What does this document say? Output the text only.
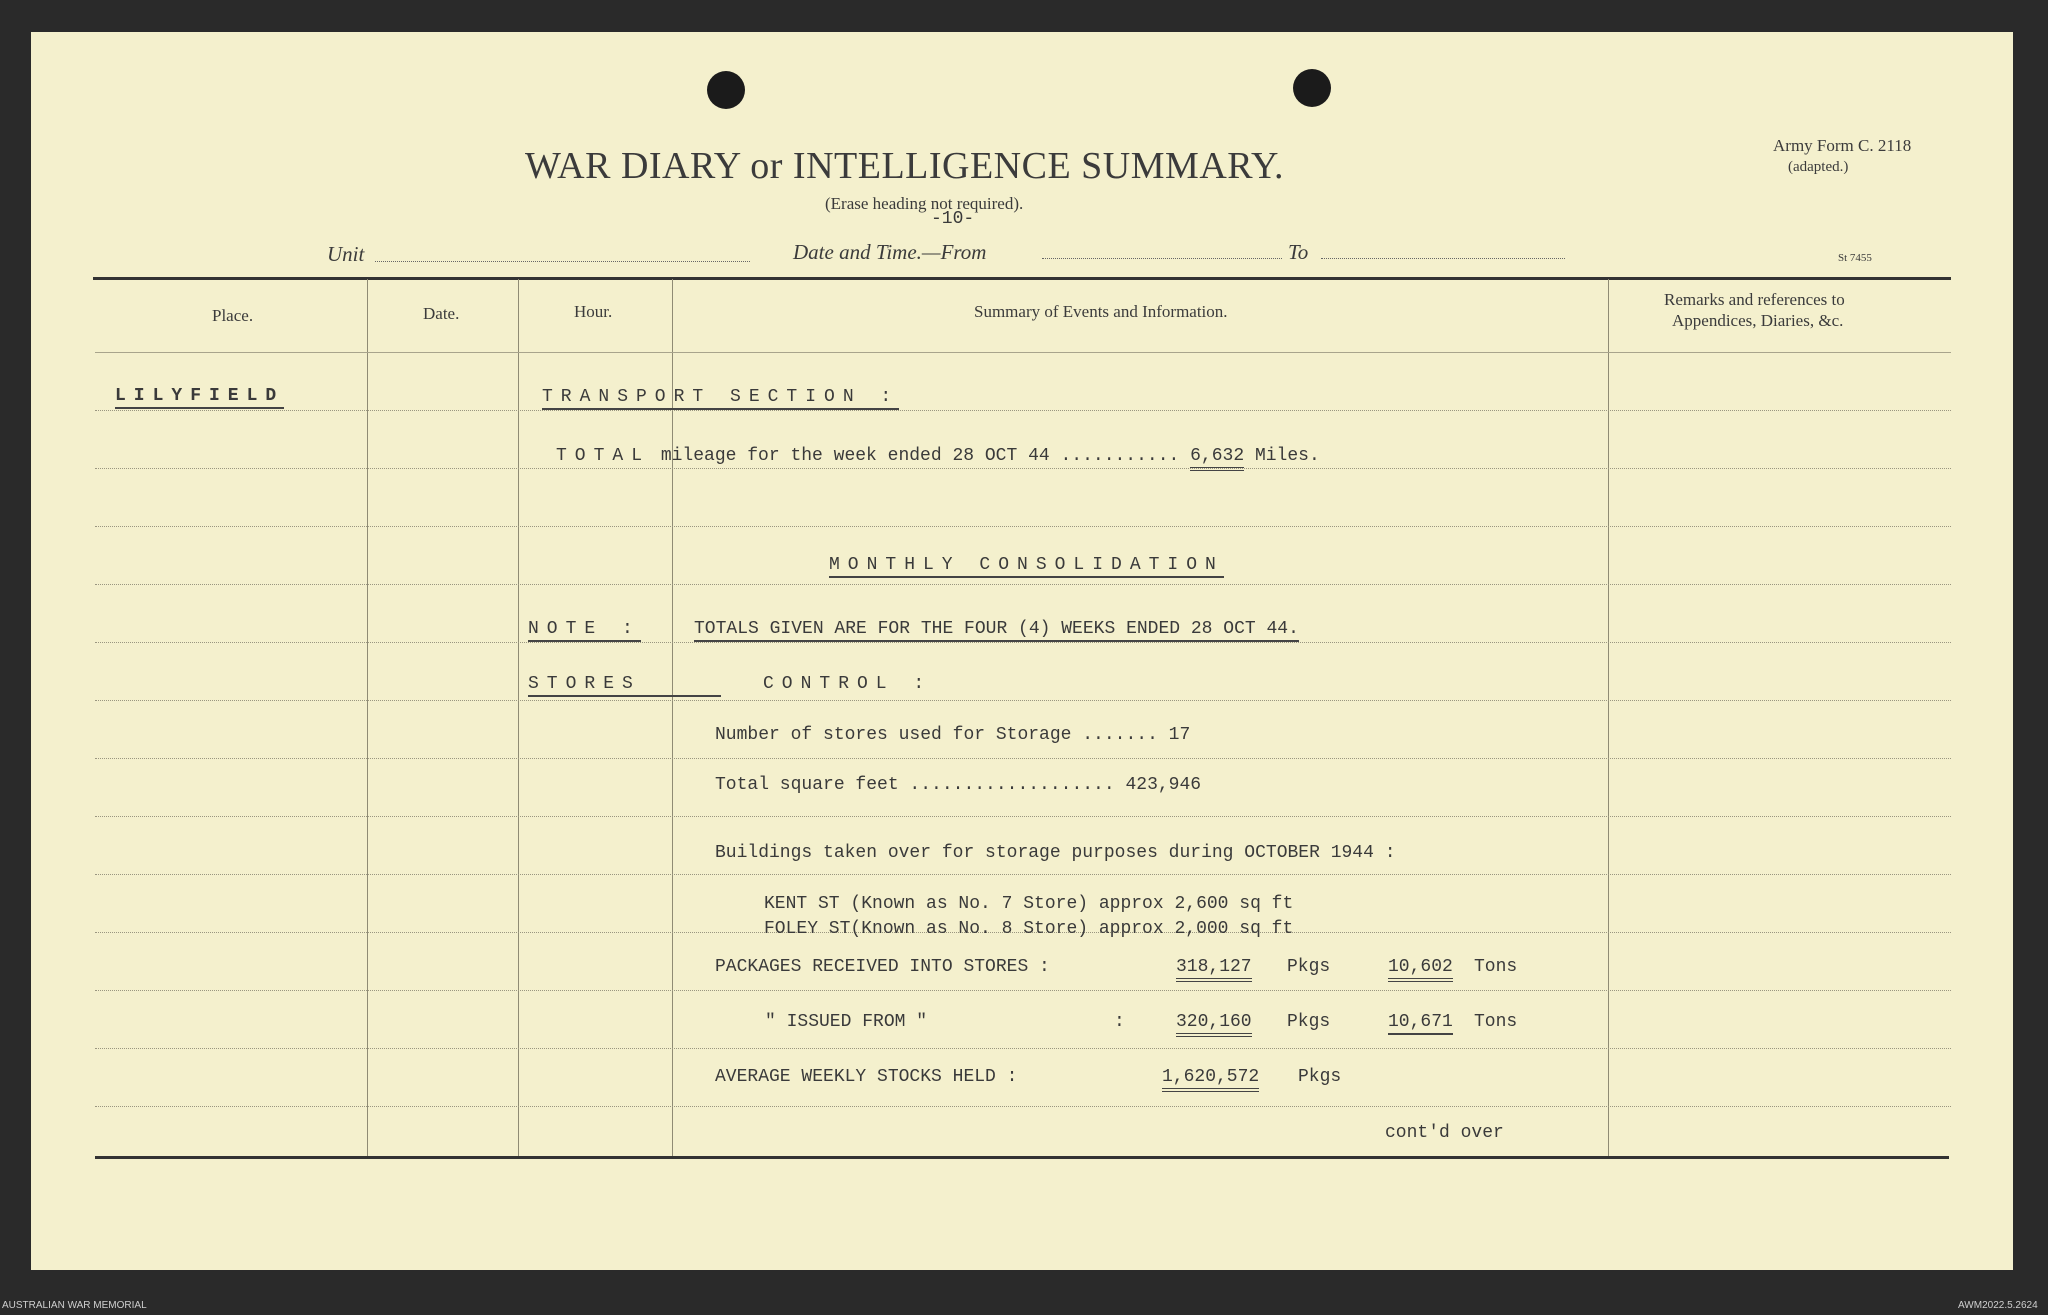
WAR DIARY or INTELLIGENCE SUMMARY.
(Erase heading not required).
-10-
Army Form C. 2118
(adapted.)
St 7455
Unit	Date and Time.—From	To
Place.	Date.	Hour.	Summary of Events and Information.
Remarks and references to
Appendices, Diaries, &c.
LILYFIELD	TRANSPORT SECTION :
TOTAL mileage for the week ended 28 OCT 44 ........... 6,632 Miles.
MONTHLY CONSOLIDATION
NOTE :	TOTALS GIVEN ARE FOR THE FOUR (4) WEEKS ENDED 28 OCT 44.
STORES	CONTROL :
Number of stores used for Storage ....... 17
Total square feet ................... 423,946
Buildings taken over for storage purposes during OCTOBER 1944 :
KENT ST (Known as No. 7 Store) approx 2,600 sq ft
FOLEY ST(Known as No. 8 Store) approx 2,000 sq ft
PACKAGES RECEIVED INTO STORES :	318,127 Pkgs	10,602 Tons
" ISSUED FROM "	:	320,160 Pkgs	10,671 Tons
AVERAGE WEEKLY STOCKS HELD :	1,620,572 Pkgs
cont'd over
AUSTRALIAN WAR MEMORIAL	AWM2022.5.2624
